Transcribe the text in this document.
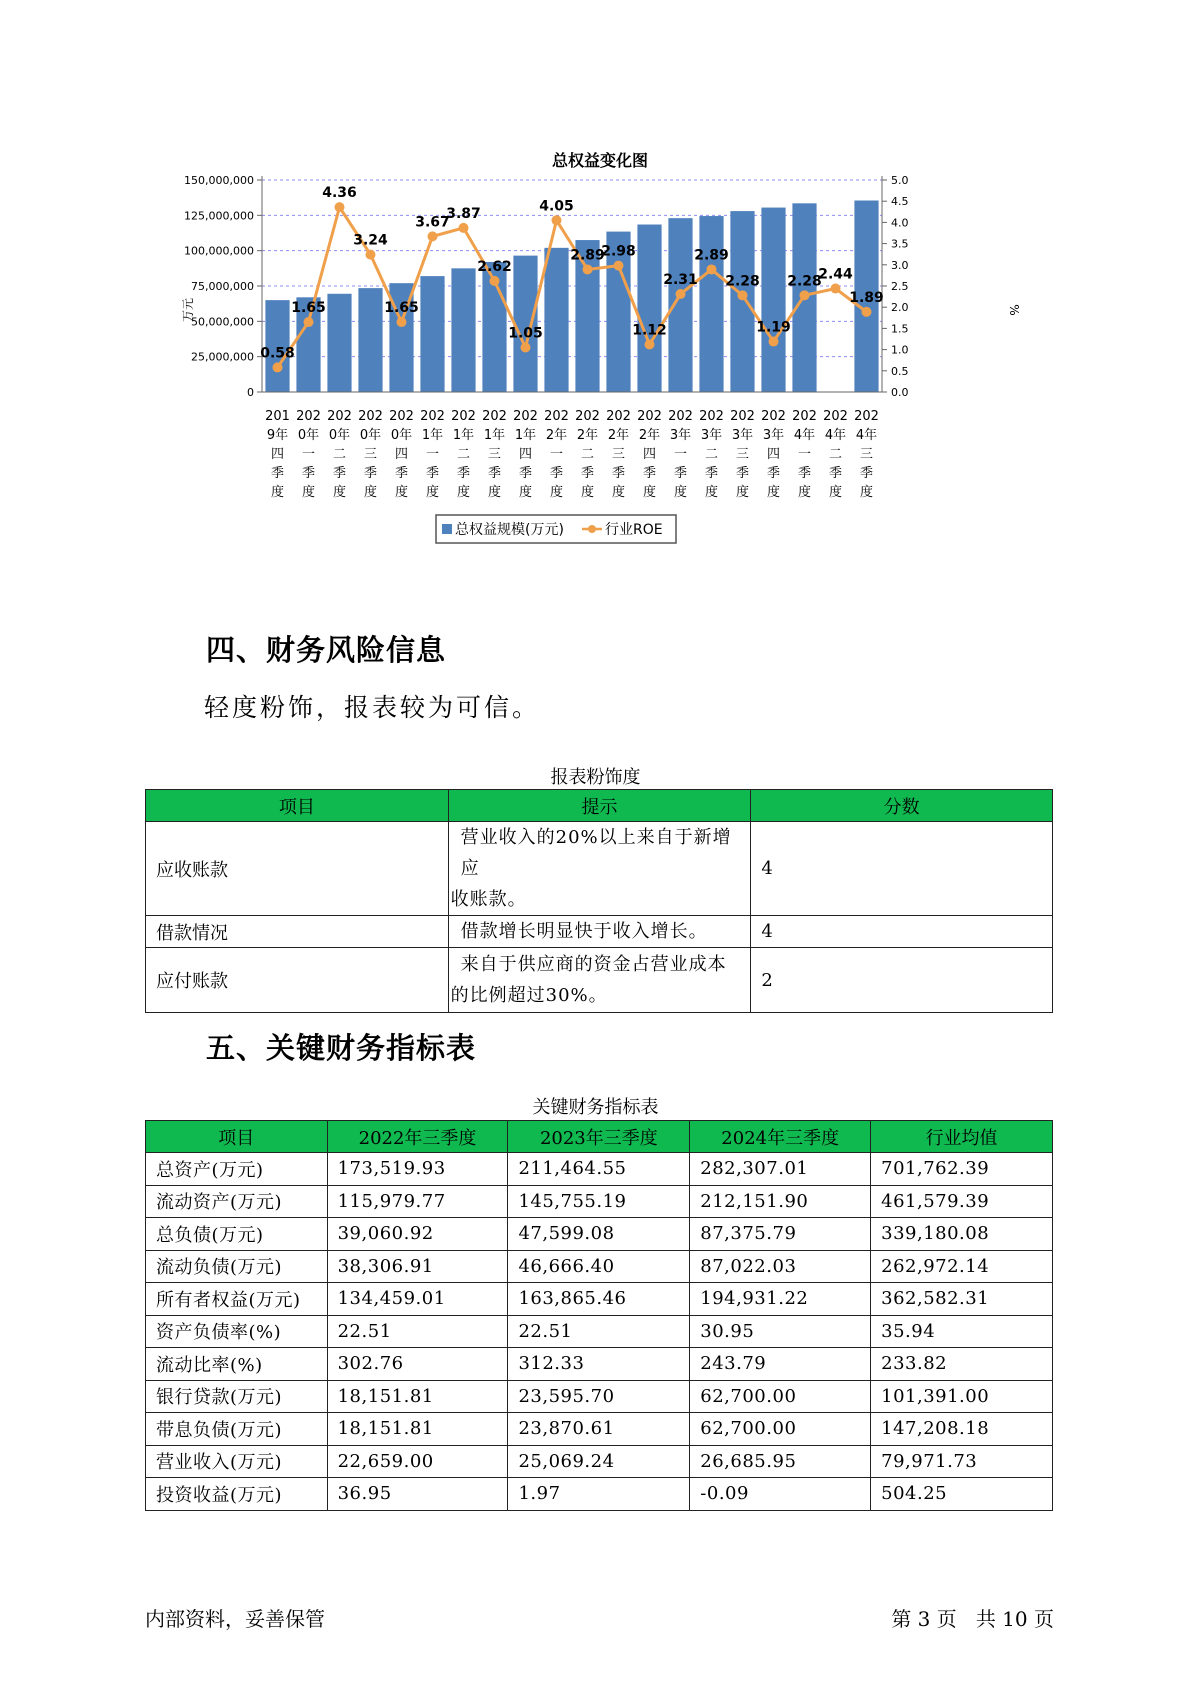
总权益变化图
万元	%
0
25,000,000
50,000,000
75,000,000
100,000,000
125,000,000
150,000,000
0.0
0.5
1.0
1.5
2.0
2.5
3.0
3.5
4.0
4.5
5.0
0.58
1.65
4.36
3.24
1.65
3.67
3.87
2.62
1.05
4.05
2.89
2.98
1.12
2.31
2.89
2.28
1.19
2.28
2.44
1.89
201
9年
四
季
度
202
0年
一
季
度
202
0年
二
季
度
202
0年
三
季
度
202
0年
四
季
度
202
1年
一
季
度
202
1年
二
季
度
202
1年
三
季
度
202
1年
四
季
度
202
2年
一
季
度
202
2年
二
季
度
202
2年
三
季
度
202
2年
四
季
度
202
3年
一
季
度
202
3年
二
季
度
202
3年
三
季
度
202
3年
四
季
度
202
4年
一
季
度
202
4年
二
季
度
202
4年
三
季
度
总权益规模(万元)	行业ROE
四、财务风险信息
轻度粉饰，报表较为可信。
报表粉饰度
项目	提示	分数
应收账款	营业收入的20%以上来自于新增应
收账款。	4
借款情况	借款增长明显快于收入增长。	4
应付账款	来自于供应商的资金占营业成本
的比例超过30%。	2
五、关键财务指标表
关键财务指标表
项目	2022年三季度	2023年三季度	2024年三季度	行业均值
总资产(万元)	173,519.93	211,464.55	282,307.01	701,762.39
流动资产(万元)	115,979.77	145,755.19	212,151.90	461,579.39
总负债(万元)	39,060.92	47,599.08	87,375.79	339,180.08
流动负债(万元)	38,306.91	46,666.40	87,022.03	262,972.14
所有者权益(万元)	134,459.01	163,865.46	194,931.22	362,582.31
资产负债率(%)	22.51	22.51	30.95	35.94
流动比率(%)	302.76	312.33	243.79	233.82
银行贷款(万元)	18,151.81	23,595.70	62,700.00	101,391.00
带息负债(万元)	18,151.81	23,870.61	62,700.00	147,208.18
营业收入(万元)	22,659.00	25,069.24	26,685.95	79,971.73
投资收益(万元)	36.95	1.97	-0.09	504.25
内部资料，妥善保管	第 3 页   共 10 页
